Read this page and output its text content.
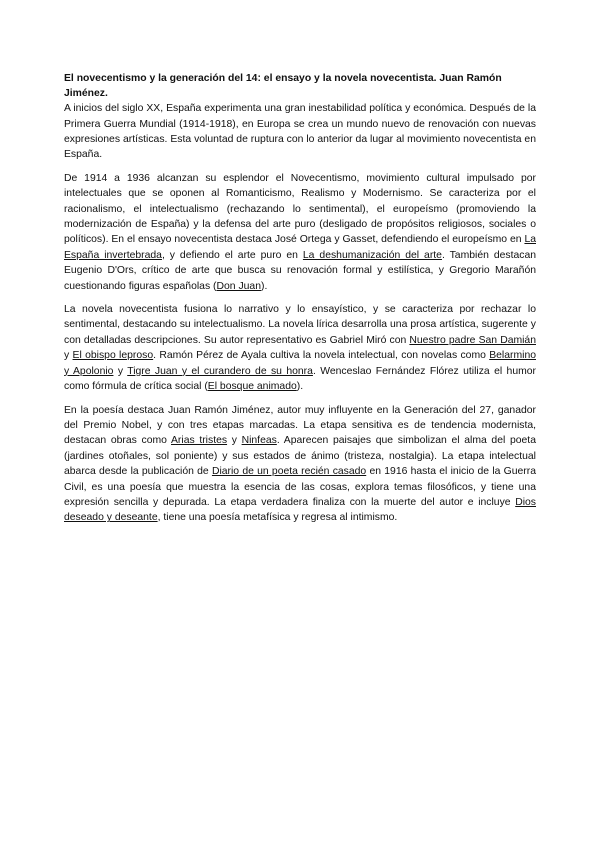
El novecentismo y la generación del 14: el ensayo y la novela novecentista. Juan Ramón Jiménez.

A inicios del siglo XX, España experimenta una gran inestabilidad política y económica. Después de la Primera Guerra Mundial (1914-1918), en Europa se crea un mundo nuevo de renovación con nuevas expresiones artísticas. Esta voluntad de ruptura con lo anterior da lugar al movimiento novecentista en España.

De 1914 a 1936 alcanzan su esplendor el Novecentismo, movimiento cultural impulsado por intelectuales que se oponen al Romanticismo, Realismo y Modernismo. Se caracteriza por el racionalismo, el intelectualismo (rechazando lo sentimental), el europeísmo (promoviendo la modernización de España) y la defensa del arte puro (desligado de propósitos religiosos, sociales o políticos). En el ensayo novecentista destaca José Ortega y Gasset, defendiendo el europeísmo en La España invertebrada, y defiendo el arte puro en La deshumanización del arte. También destacan Eugenio D'Ors, crítico de arte que busca su renovación formal y estilística, y Gregorio Marañón cuestionando figuras españolas (Don Juan).

La novela novecentista fusiona lo narrativo y lo ensayístico, y se caracteriza por rechazar lo sentimental, destacando su intelectualismo. La novela lírica desarrolla una prosa artística, sugerente y con detalladas descripciones. Su autor representativo es Gabriel Miró con Nuestro padre San Damián y El obispo leproso. Ramón Pérez de Ayala cultiva la novela intelectual, con novelas como Belarmino y Apolonio y Tigre Juan y el curandero de su honra. Wenceslao Fernández Flórez utiliza el humor como fórmula de crítica social (El bosque animado).

En la poesía destaca Juan Ramón Jiménez, autor muy influyente en la Generación del 27, ganador del Premio Nobel, y con tres etapas marcadas. La etapa sensitiva es de tendencia modernista, destacan obras como Arias tristes y Ninfeas. Aparecen paisajes que simbolizan el alma del poeta (jardines otoñales, sol poniente) y sus estados de ánimo (tristeza, nostalgia). La etapa intelectual abarca desde la publicación de Diario de un poeta recién casado en 1916 hasta el inicio de la Guerra Civil, es una poesía que muestra la esencia de las cosas, explora temas filosóficos, y tiene una expresión sencilla y depurada. La etapa verdadera finaliza con la muerte del autor e incluye Dios deseado y deseante, tiene una poesía metafísica y regresa al intimismo.
